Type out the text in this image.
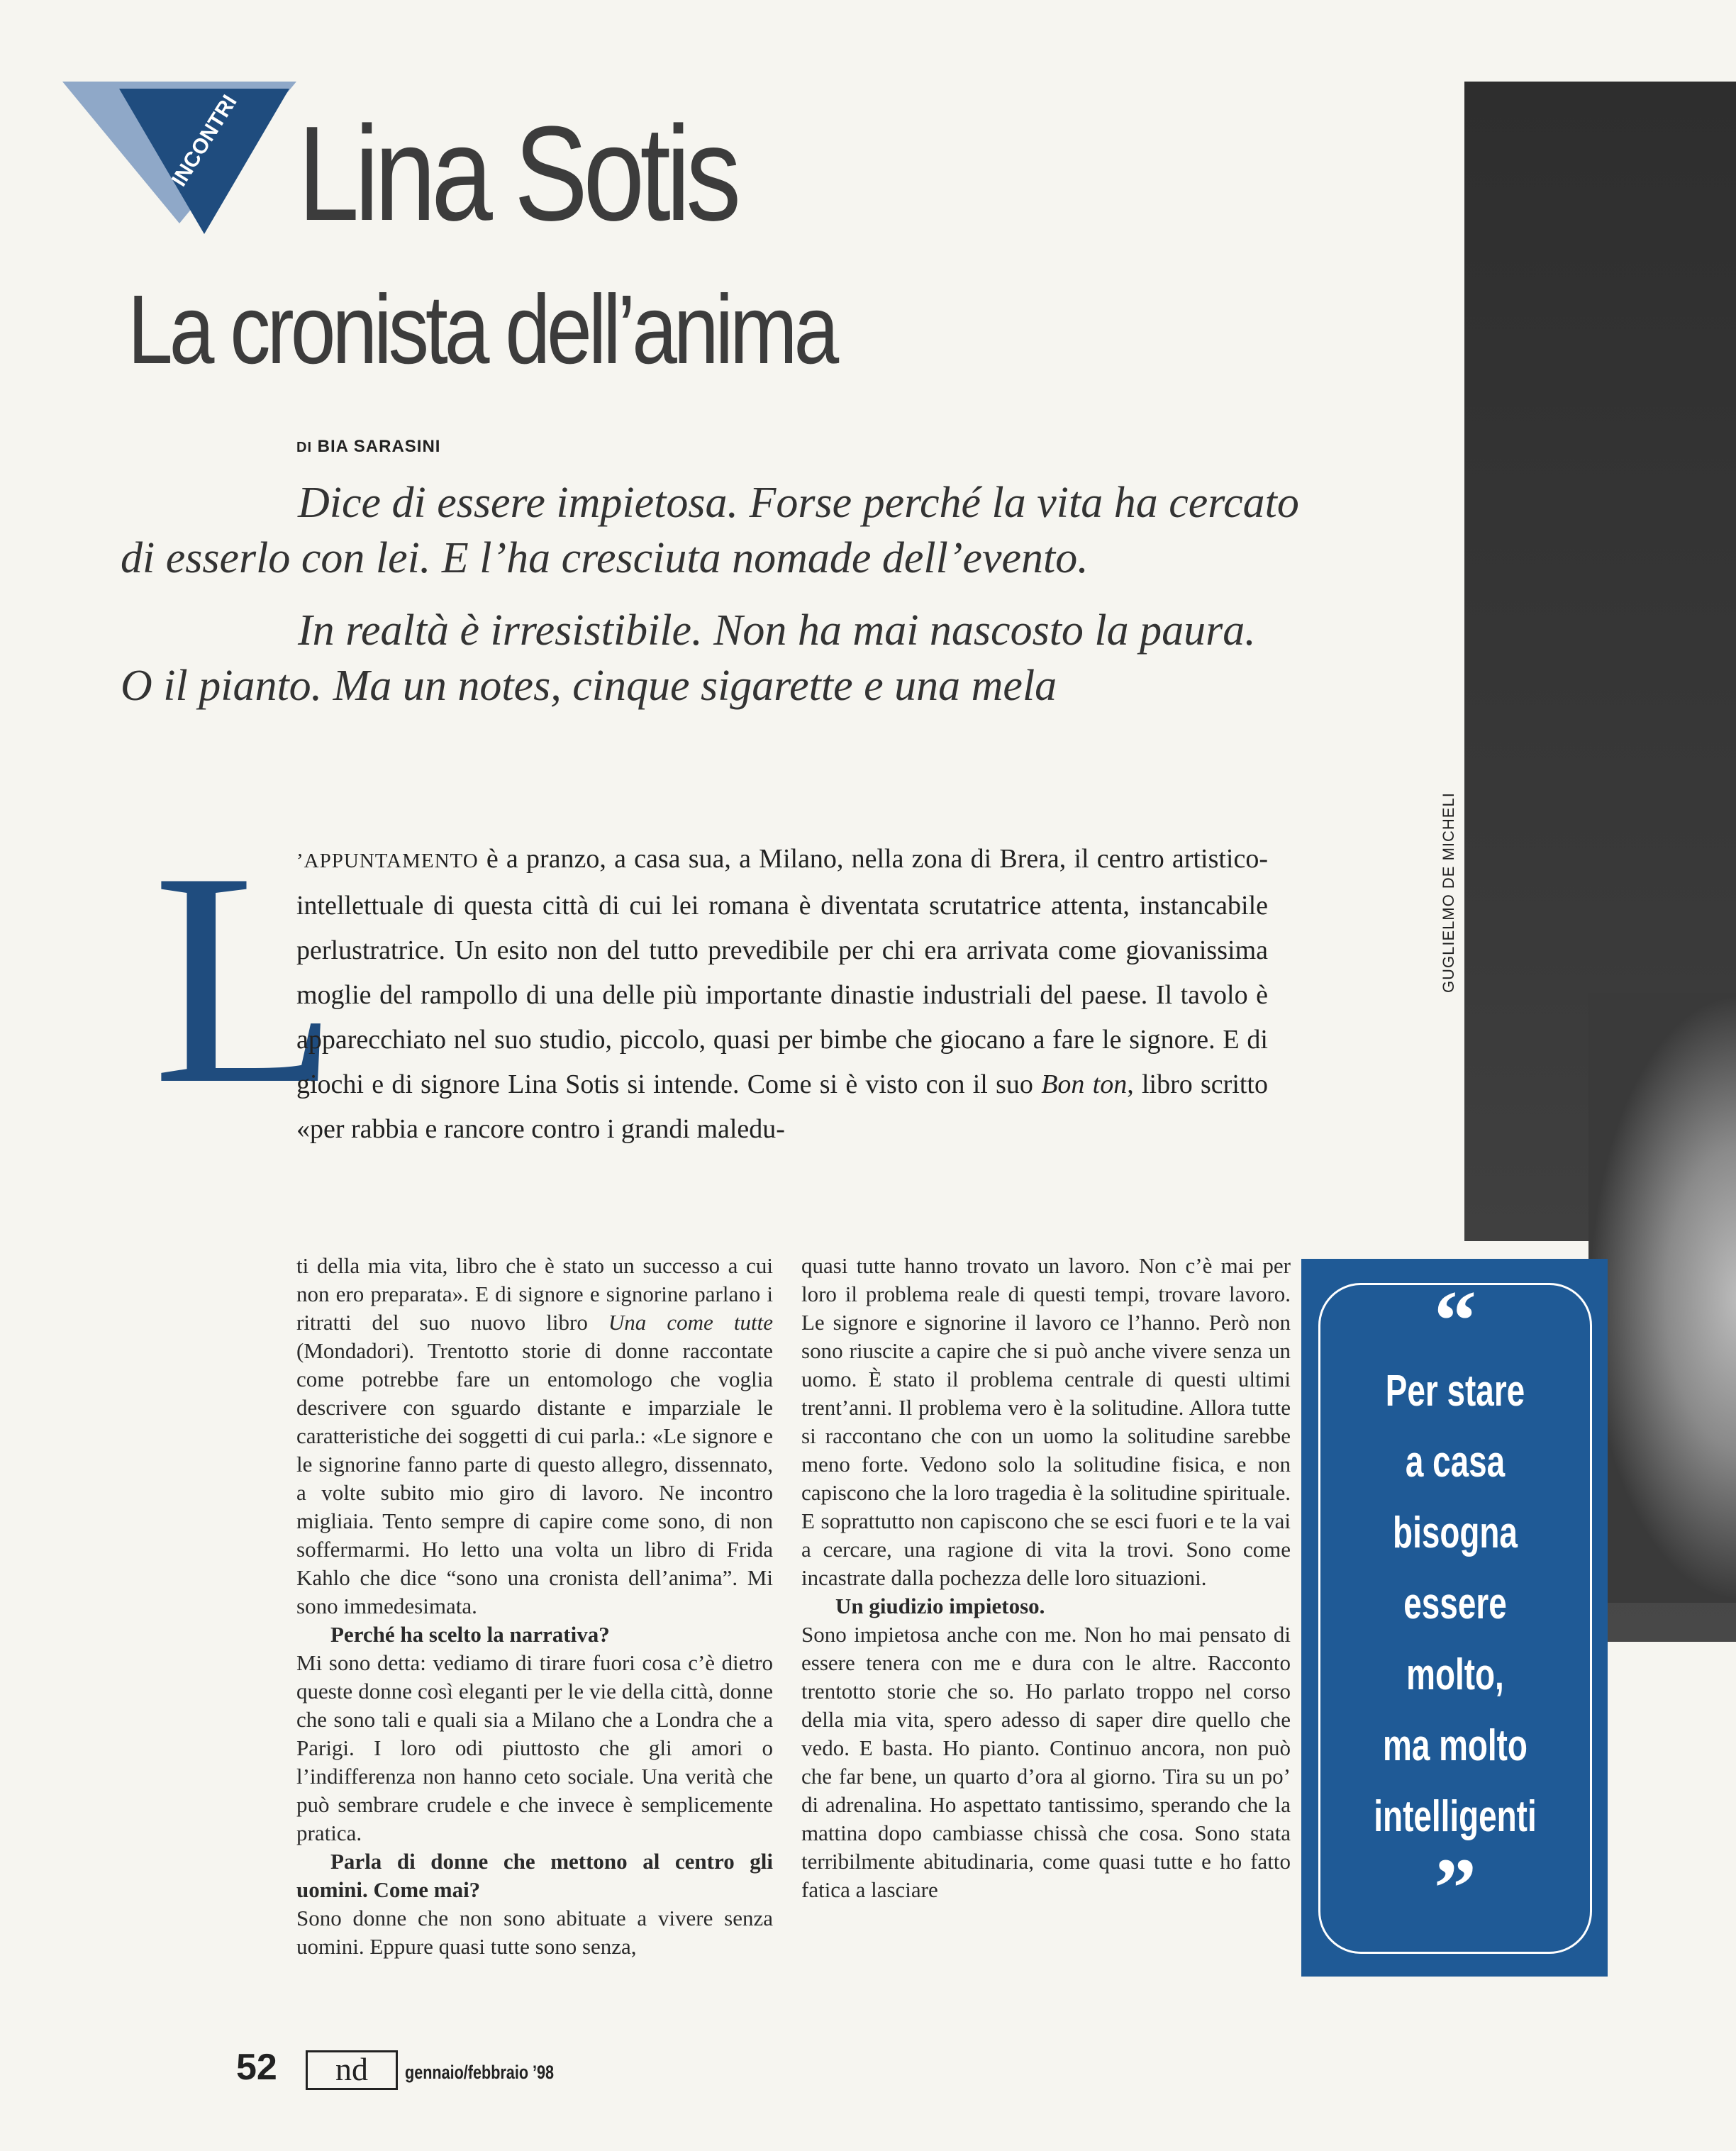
GUGLIELMO DE MICHELI
INCONTRI Lina Sotis
La cronista dell’anima
DI BIA SARASINI

Dice di essere impietosa. Forse perché la vita ha cercato

di esserlo con lei. E l’ha cresciuta nomade dell’evento.

In realtà è irresistibile. Non ha mai nascosto la paura.

O il pianto. Ma un notes, cinque sigarette e una mela

L
’APPUNTAMENTO è a pranzo, a casa sua, a Milano, nella zona di Brera, il centro artistico-intellettuale di questa città di cui lei romana è diventata scrutatrice attenta, instancabile perlustratrice. Un esito non del tutto prevedibile per chi era arrivata come giovanissima moglie del rampollo di una delle più importante dinastie industriali del paese. Il tavolo è apparecchiato nel suo studio, piccolo, quasi per bimbe che giocano a fare le signore. E di giochi e di signore Lina Sotis si intende. Come si è visto con il suo Bon ton, libro scritto «per rabbia e rancore contro i grandi maledu-

ti della mia vita, libro che è stato un successo a cui non ero preparata». E di signore e signorine parlano i ritratti del suo nuovo libro Una come tutte (Mondadori). Trentotto storie di donne raccontate come potrebbe fare un entomologo che voglia descrivere con sguardo distante e imparziale le caratteristiche dei soggetti di cui parla.: «Le signore e le signorine fanno parte di questo allegro, dissennato, a volte subito mio giro di lavoro. Ne incontro migliaia. Tento sempre di capire come sono, di non soffermarmi. Ho letto una volta un libro di Frida Kahlo che dice “sono una cronista dell’anima”. Mi sono immedesimata.

Perché ha scelto la narrativa?

Mi sono detta: vediamo di tirare fuori cosa c’è dietro queste donne così eleganti per le vie della città, donne che sono tali e quali sia a Milano che a Londra che a Parigi. I loro odi piuttosto che gli amori o l’indifferenza non hanno ceto sociale. Una verità che può sembrare crudele e che invece è semplicemente pratica.

Parla di donne che mettono al centro gli uomini. Come mai?

Sono donne che non sono abituate a vivere senza uomini. Eppure quasi tutte sono senza,

quasi tutte hanno trovato un lavoro. Non c’è mai per loro il problema reale di questi tempi, trovare lavoro. Le signore e signorine il lavoro ce l’hanno. Però non sono riuscite a capire che si può anche vivere senza un uomo. È stato il problema centrale di questi ultimi trent’anni. Il problema vero è la solitudine. Allora tutte si raccontano che con un uomo la solitudine sarebbe meno forte. Vedono solo la solitudine fisica, e non capiscono che la loro tragedia è la solitudine spirituale. E soprattutto non capiscono che se esci fuori e te la vai a cercare, una ragione di vita la trovi. Sono come incastrate dalla pochezza delle loro situazioni.

Un giudizio impietoso.

Sono impietosa anche con me. Non ho mai pensato di essere tenera con me e dura con le altre. Racconto trentotto storie che so. Ho parlato troppo nel corso della mia vita, spero adesso di saper dire quello che vedo. E basta. Ho pianto. Continuo ancora, non può che far bene, un quarto d’ora al giorno. Tira su un po’ di adrenalina. Ho aspettato tantissimo, sperando che la mattina dopo cambiasse chissà che cosa. Sono stata terribilmente abitudinaria, come quasi tutte e ho fatto fatica a lasciare

“
Per stare
a casa
bisogna
essere
molto,
ma molto
intelligenti
”
52	nd	gennaio/febbraio ’98
